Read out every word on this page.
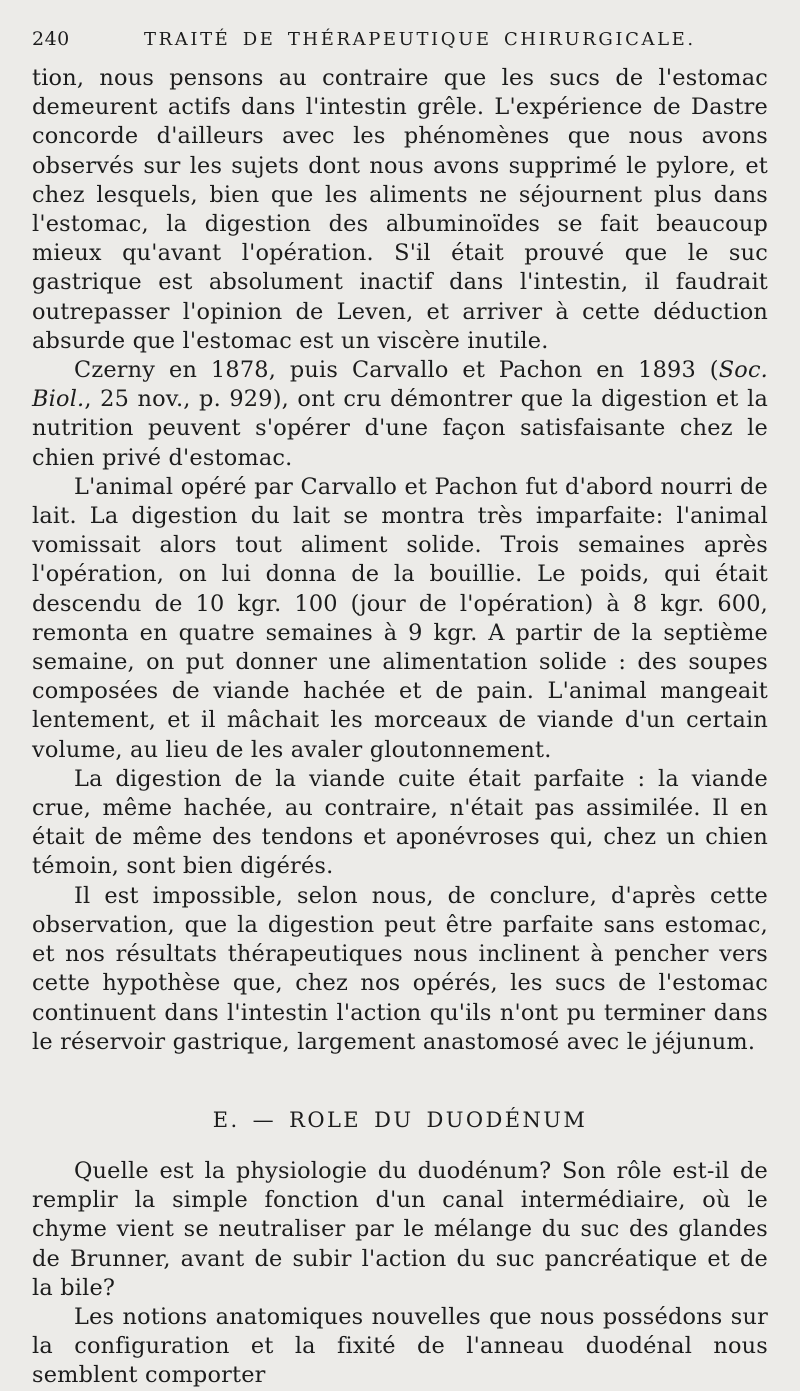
240	TRAITÉ DE THÉRAPEUTIQUE CHIRURGICALE.

tion, nous pensons au contraire que les sucs de l'estomac demeurent actifs dans l'intestin grêle. L'expérience de Dastre concorde d'ailleurs avec les phénomènes que nous avons observés sur les sujets dont nous avons supprimé le pylore, et chez lesquels, bien que les aliments ne séjournent plus dans l'estomac, la digestion des albuminoïdes se fait beaucoup mieux qu'avant l'opération. S'il était prouvé que le suc gastrique est absolument inactif dans l'intestin, il faudrait outrepasser l'opinion de Leven, et arriver à cette déduction absurde que l'estomac est un viscère inutile.

Czerny en 1878, puis Carvallo et Pachon en 1893 (Soc. Biol., 25 nov., p. 929), ont cru démontrer que la digestion et la nutrition peuvent s'opérer d'une façon satisfaisante chez le chien privé d'estomac.

L'animal opéré par Carvallo et Pachon fut d'abord nourri de lait. La digestion du lait se montra très imparfaite: l'animal vomissait alors tout aliment solide. Trois semaines après l'opération, on lui donna de la bouillie. Le poids, qui était descendu de 10 kgr. 100 (jour de l'opération) à 8 kgr. 600, remonta en quatre semaines à 9 kgr. A partir de la septième semaine, on put donner une alimentation solide : des soupes composées de viande hachée et de pain. L'animal mangeait lentement, et il mâchait les morceaux de viande d'un certain volume, au lieu de les avaler gloutonnement.

La digestion de la viande cuite était parfaite : la viande crue, même hachée, au contraire, n'était pas assimilée. Il en était de même des tendons et aponévroses qui, chez un chien témoin, sont bien digérés.

Il est impossible, selon nous, de conclure, d'après cette observation, que la digestion peut être parfaite sans estomac, et nos résultats thérapeutiques nous inclinent à pencher vers cette hypothèse que, chez nos opérés, les sucs de l'estomac continuent dans l'intestin l'action qu'ils n'ont pu terminer dans le réservoir gastrique, largement anastomosé avec le jéjunum.

E. — ROLE DU DUODÉNUM

Quelle est la physiologie du duodénum? Son rôle est-il de remplir la simple fonction d'un canal intermédiaire, où le chyme vient se neutraliser par le mélange du suc des glandes de Brunner, avant de subir l'action du suc pancréatique et de la bile?

Les notions anatomiques nouvelles que nous possédons sur la configuration et la fixité de l'anneau duodénal nous semblent comporter
